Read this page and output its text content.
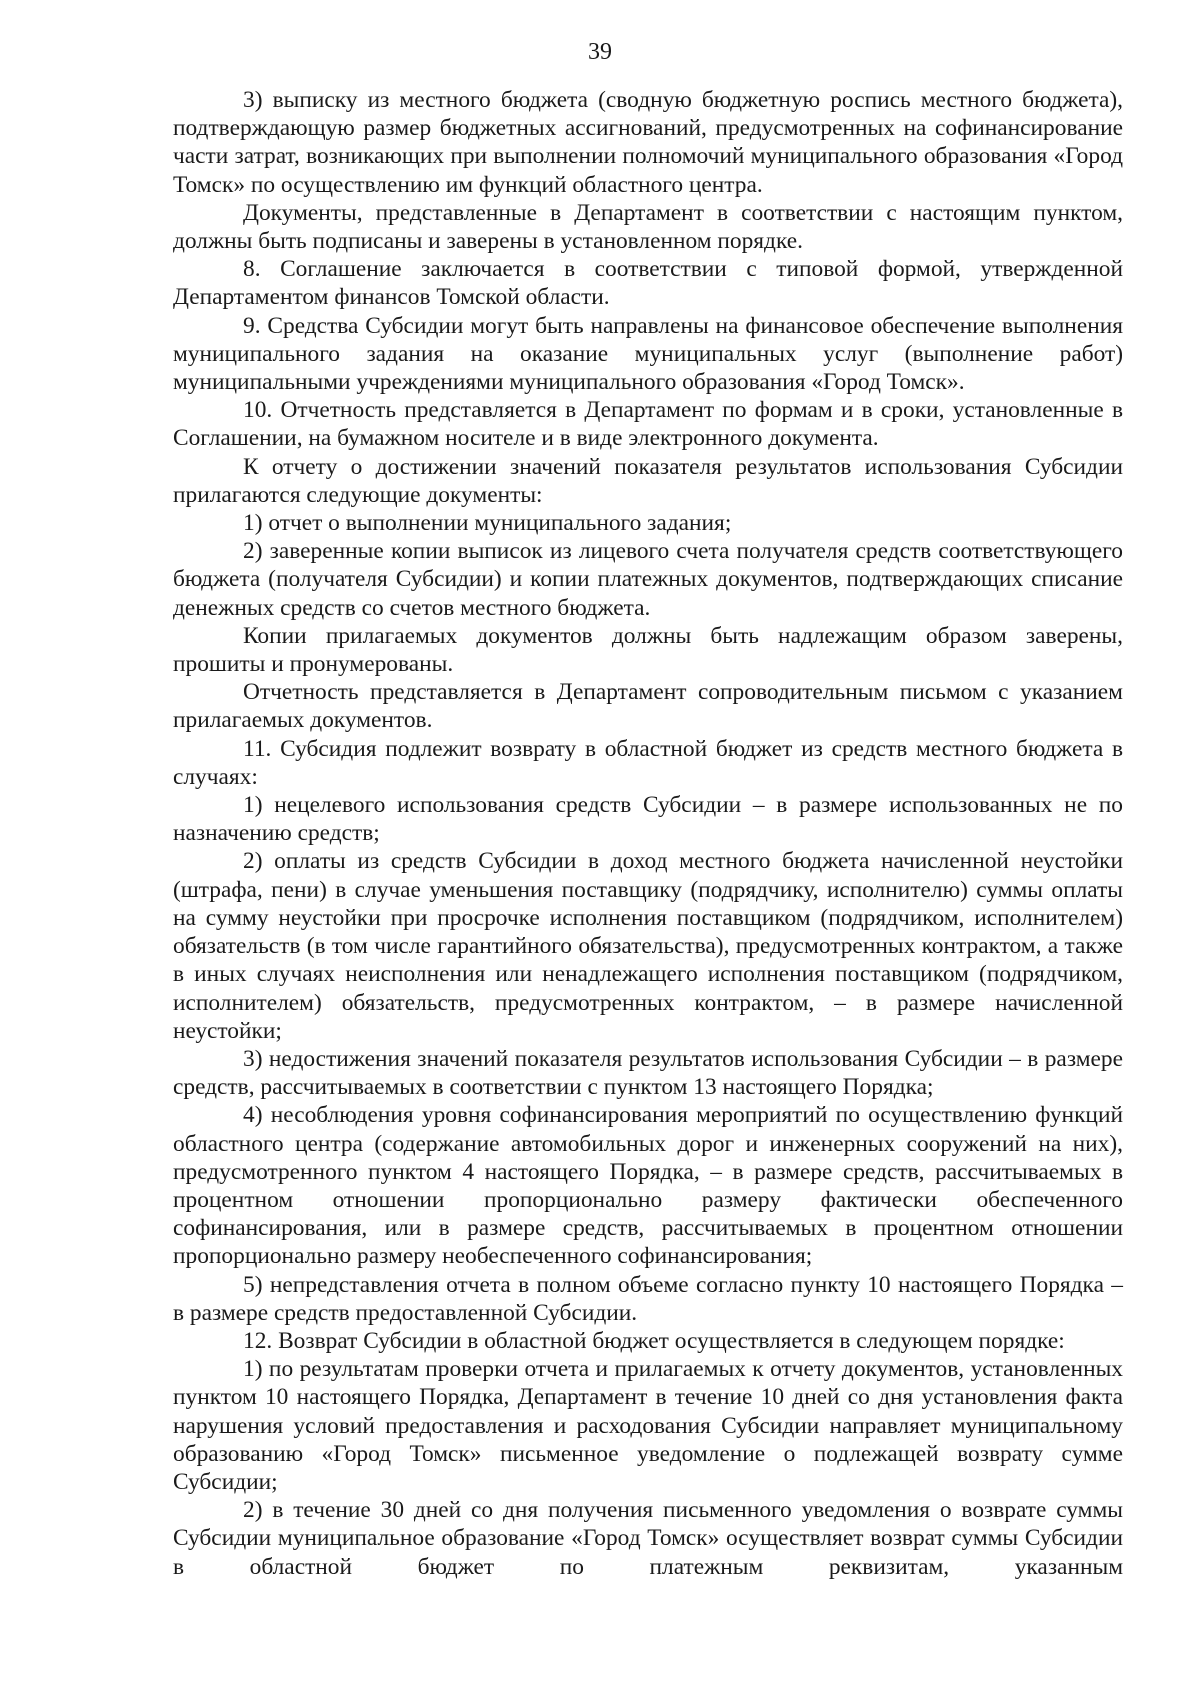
39

3) выписку из местного бюджета (сводную бюджетную роспись местного бюджета), подтверждающую размер бюджетных ассигнований, предусмотренных на софинансирование части затрат, возникающих при выполнении полномочий муниципального образования «Город Томск» по осуществлению им функций областного центра.

Документы, представленные в Департамент в соответствии с настоящим пунктом, должны быть подписаны и заверены в установленном порядке.

8. Соглашение заключается в соответствии с типовой формой, утвержденной Департаментом финансов Томской области.

9. Средства Субсидии могут быть направлены на финансовое обеспечение выполнения муниципального задания на оказание муниципальных услуг (выполнение работ) муниципальными учреждениями муниципального образования «Город Томск».

10. Отчетность представляется в Департамент по формам и в сроки, установленные в Соглашении, на бумажном носителе и в виде электронного документа.

К отчету о достижении значений показателя результатов использования Субсидии прилагаются следующие документы:

1) отчет о выполнении муниципального задания;

2) заверенные копии выписок из лицевого счета получателя средств соответствующего бюджета (получателя Субсидии) и копии платежных документов, подтверждающих списание денежных средств со счетов местного бюджета.

Копии прилагаемых документов должны быть надлежащим образом заверены, прошиты и пронумерованы.

Отчетность представляется в Департамент сопроводительным письмом с указанием прилагаемых документов.

11. Субсидия подлежит возврату в областной бюджет из средств местного бюджета в случаях:

1) нецелевого использования средств Субсидии – в размере использованных не по назначению средств;

2) оплаты из средств Субсидии в доход местного бюджета начисленной неустойки (штрафа, пени) в случае уменьшения поставщику (подрядчику, исполнителю) суммы оплаты на сумму неустойки при просрочке исполнения поставщиком (подрядчиком, исполнителем) обязательств (в том числе гарантийного обязательства), предусмотренных контрактом, а также в иных случаях неисполнения или ненадлежащего исполнения поставщиком (подрядчиком, исполнителем) обязательств, предусмотренных контрактом, – в размере начисленной неустойки;

3) недостижения значений показателя результатов использования Субсидии – в размере средств, рассчитываемых в соответствии с пунктом 13 настоящего Порядка;

4) несоблюдения уровня софинансирования мероприятий по осуществлению функций областного центра (содержание автомобильных дорог и инженерных сооружений на них), предусмотренного пунктом 4 настоящего Порядка, – в размере средств, рассчитываемых в процентном отношении пропорционально размеру фактически обеспеченного софинансирования, или в размере средств, рассчитываемых в процентном отношении пропорционально размеру необеспеченного софинансирования;

5) непредставления отчета в полном объеме согласно пункту 10 настоящего Порядка – в размере средств предоставленной Субсидии.

12. Возврат Субсидии в областной бюджет осуществляется в следующем порядке:

1) по результатам проверки отчета и прилагаемых к отчету документов, установленных пунктом 10 настоящего Порядка, Департамент в течение 10 дней со дня установления факта нарушения условий предоставления и расходования Субсидии направляет муниципальному образованию «Город Томск» письменное уведомление о подлежащей возврату сумме Субсидии;

2) в течение 30 дней со дня получения письменного уведомления о возврате суммы Субсидии муниципальное образование «Город Томск» осуществляет возврат суммы Субсидии в областной бюджет по платежным реквизитам, указанным
